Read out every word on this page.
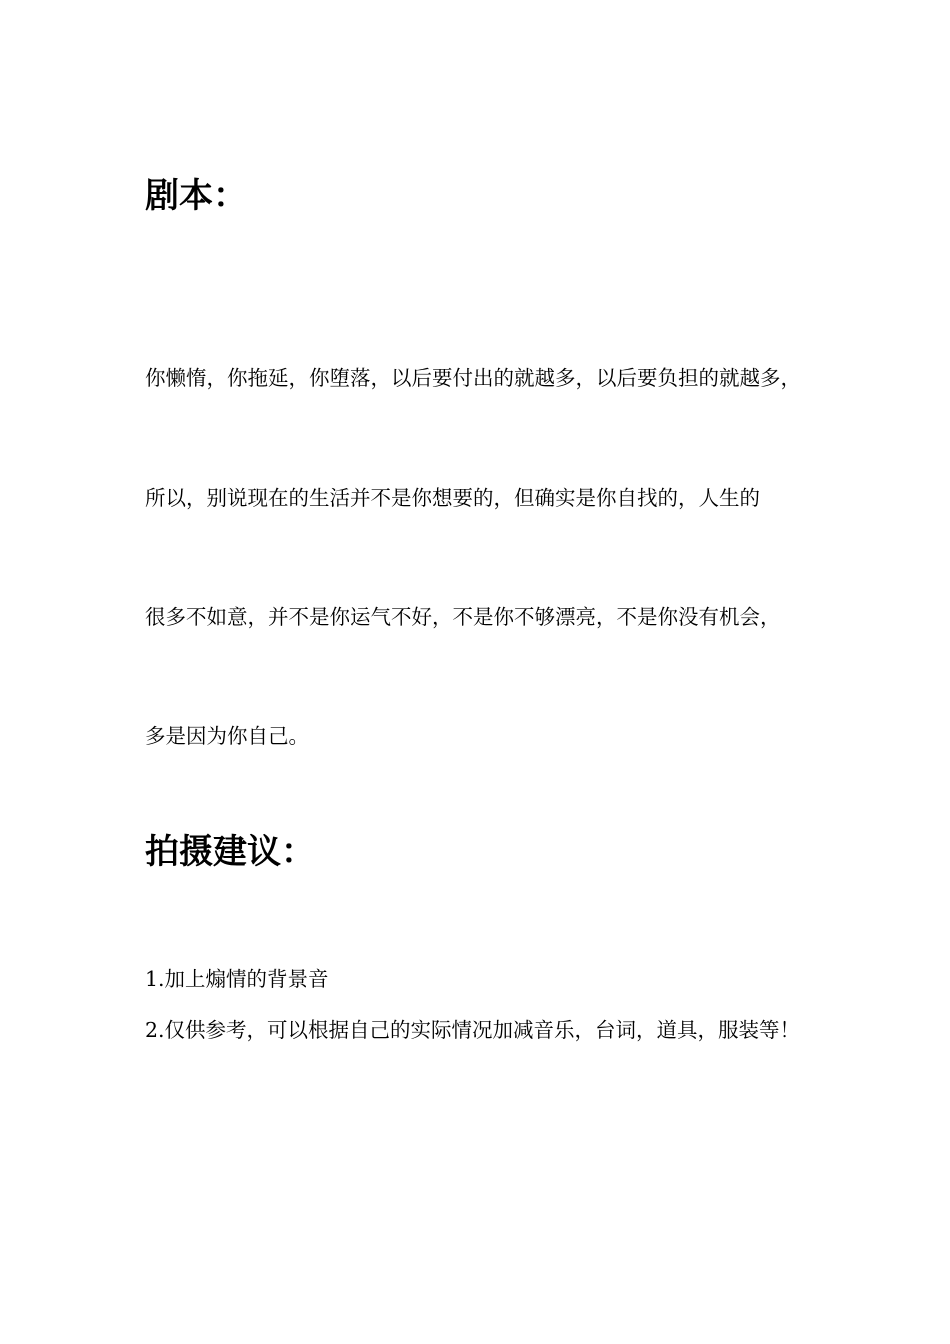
剧本：

你懒惰，你拖延，你堕落，以后要付出的就越多，以后要负担的就越多，

所以，别说现在的生活并不是你想要的，但确实是你自找的，人生的

很多不如意，并不是你运气不好，不是你不够漂亮，不是你没有机会，

多是因为你自己。

拍摄建议：

1.加上煽情的背景音

2.仅供参考，可以根据自己的实际情况加减音乐，台词，道具，服装等！
